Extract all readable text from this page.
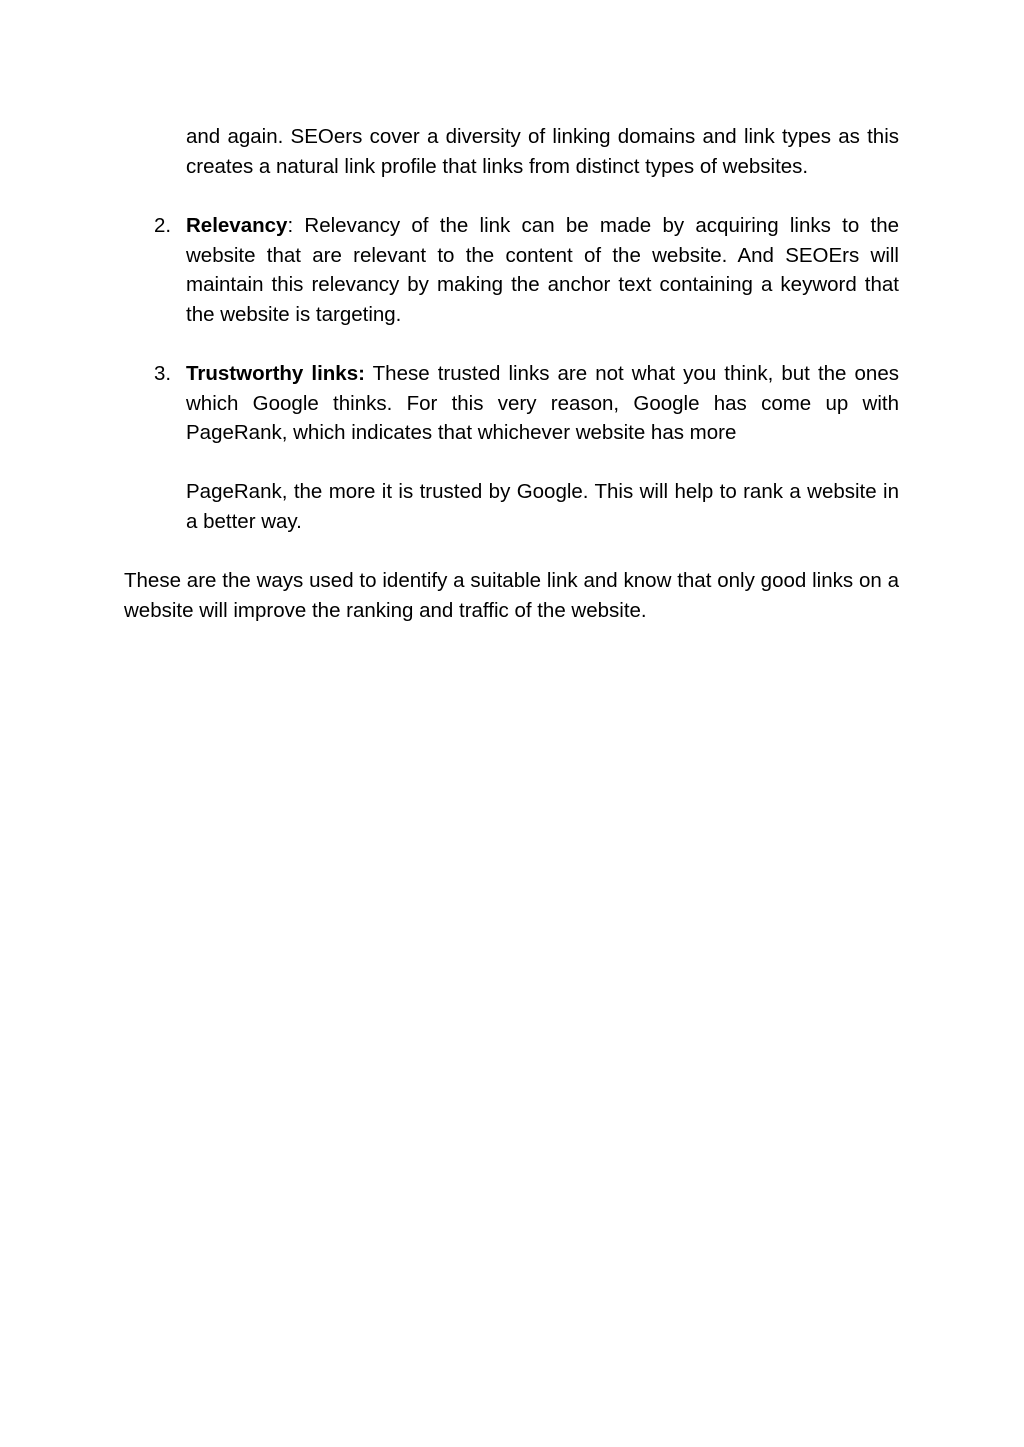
and again. SEOers cover a diversity of linking domains and link types as this creates a natural link profile that links from distinct types of websites.

2. Relevancy: Relevancy of the link can be made by acquiring links to the website that are relevant to the content of the website. And SEOErs will maintain this relevancy by making the anchor text containing a keyword that the website is targeting.

3. Trustworthy links: These trusted links are not what you think, but the ones which Google thinks. For this very reason, Google has come up with PageRank, which indicates that whichever website has more

PageRank, the more it is trusted by Google. This will help to rank a website in a better way.

These are the ways used to identify a suitable link and know that only good links on a website will improve the ranking and traffic of the website.
